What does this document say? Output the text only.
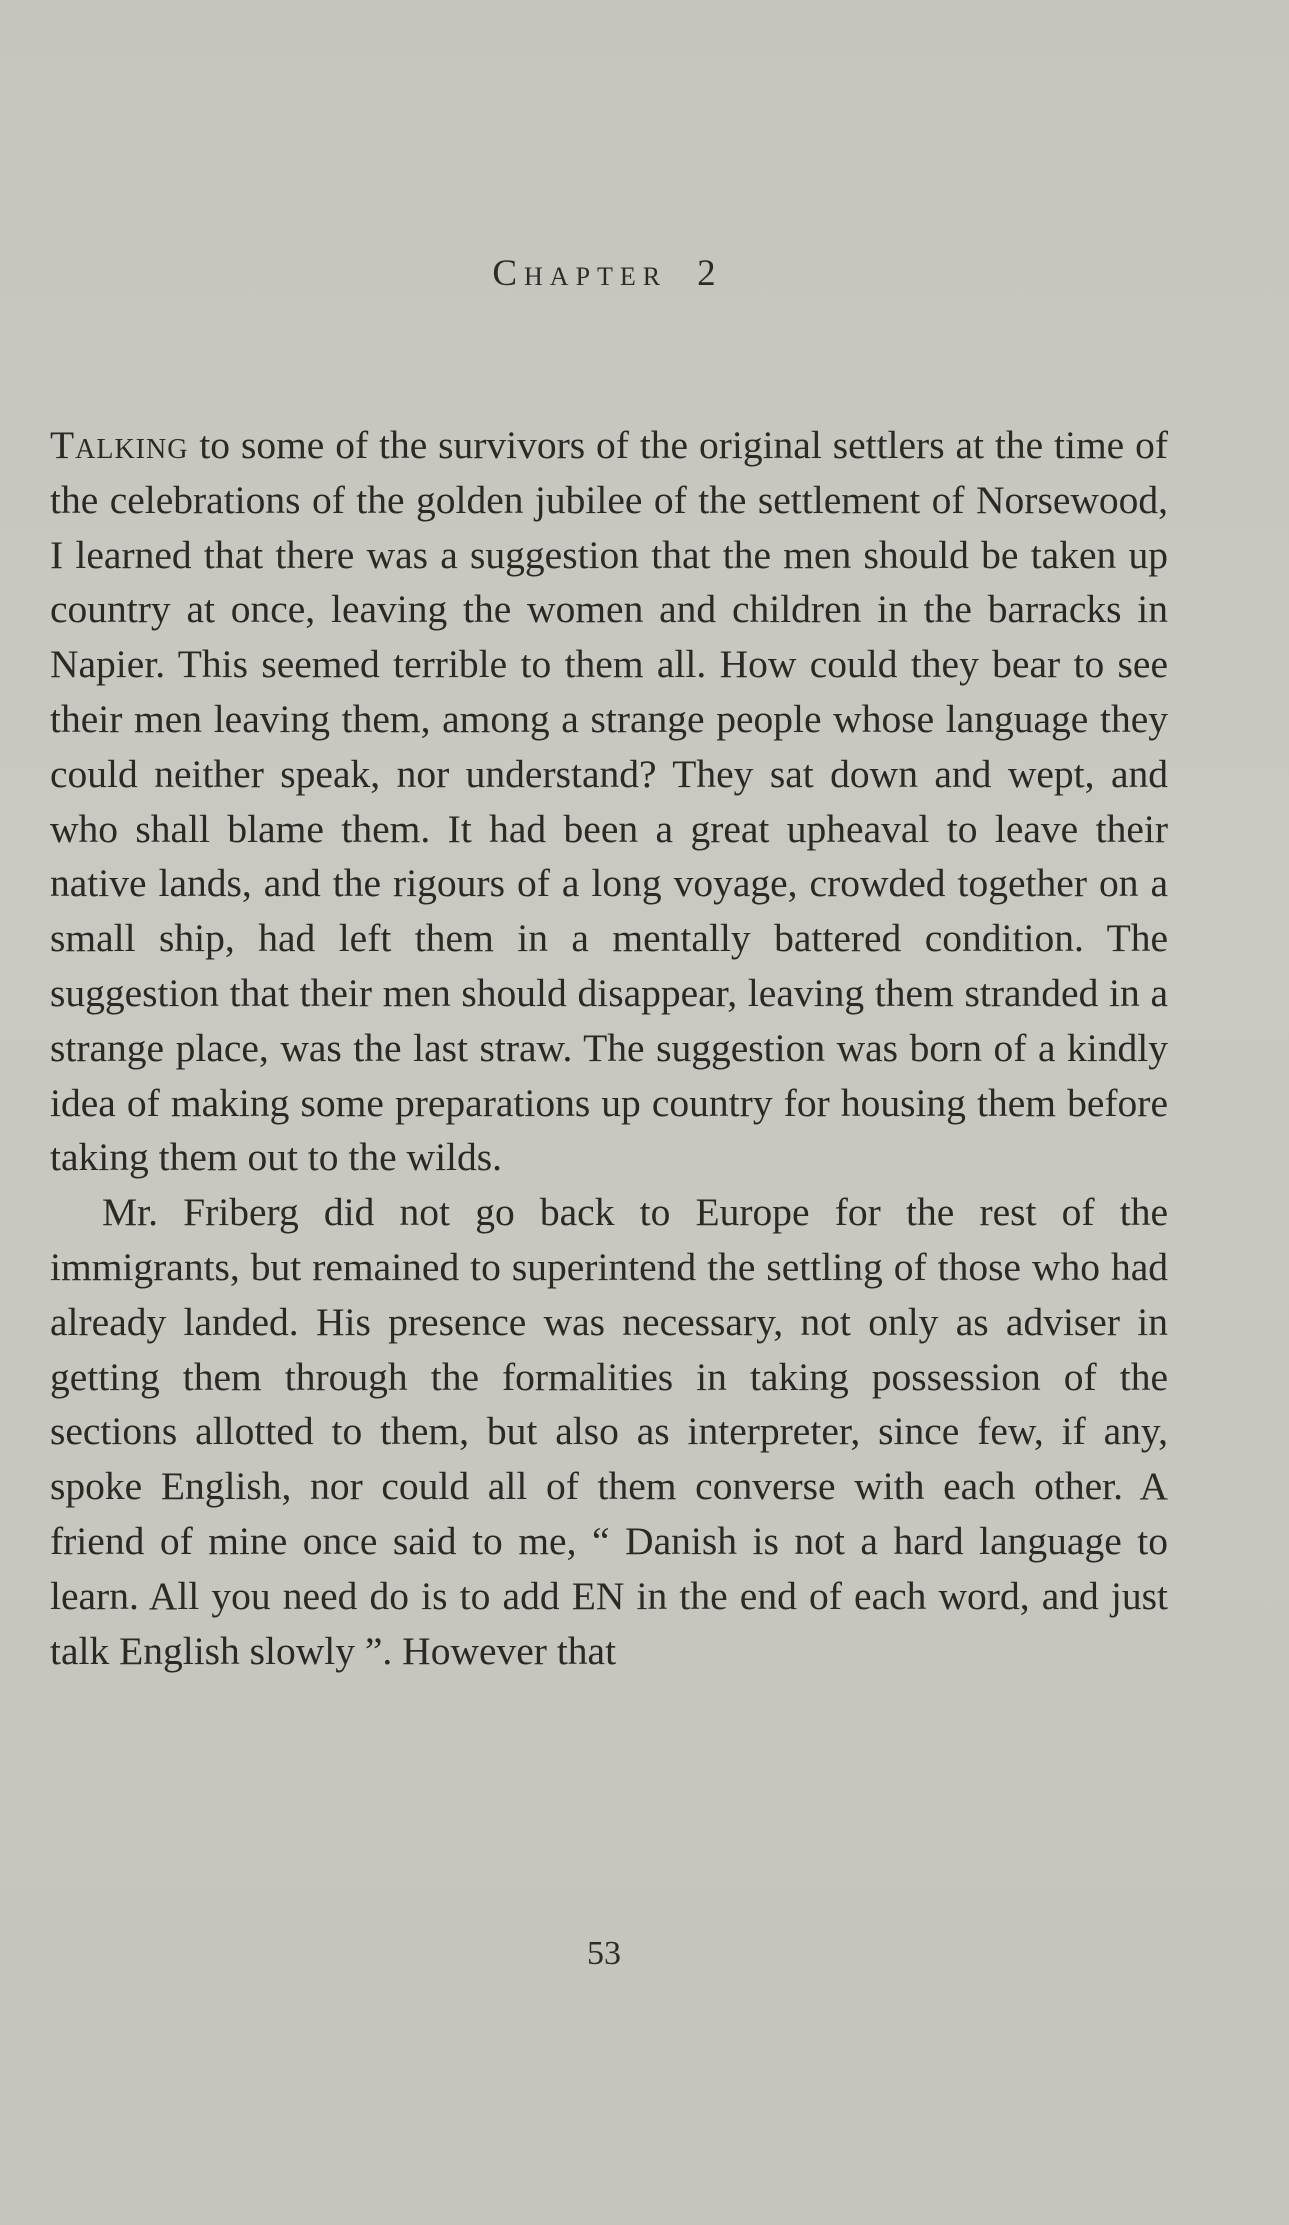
Chapter 2

Talking to some of the survivors of the original settlers at the time of the celebrations of the golden jubilee of the settlement of Norsewood, I learned that there was a suggestion that the men should be taken up country at once, leaving the women and children in the barracks in Napier. This seemed terrible to them all. How could they bear to see their men leaving them, among a strange people whose language they could neither speak, nor understand? They sat down and wept, and who shall blame them. It had been a great upheaval to leave their native lands, and the rigours of a long voyage, crowded together on a small ship, had left them in a mentally battered condition. The suggestion that their men should disappear, leaving them stranded in a strange place, was the last straw. The suggestion was born of a kindly idea of making some preparations up country for housing them before taking them out to the wilds.

Mr. Friberg did not go back to Europe for the rest of the immigrants, but remained to superintend the settling of those who had already landed. His presence was necessary, not only as adviser in getting them through the formalities in taking possession of the sections allotted to them, but also as interpreter, since few, if any, spoke English, nor could all of them converse with each other. A friend of mine once said to me, “ Danish is not a hard language to learn. All you need do is to add EN in the end of each word, and just talk English slowly ”. However that

53
